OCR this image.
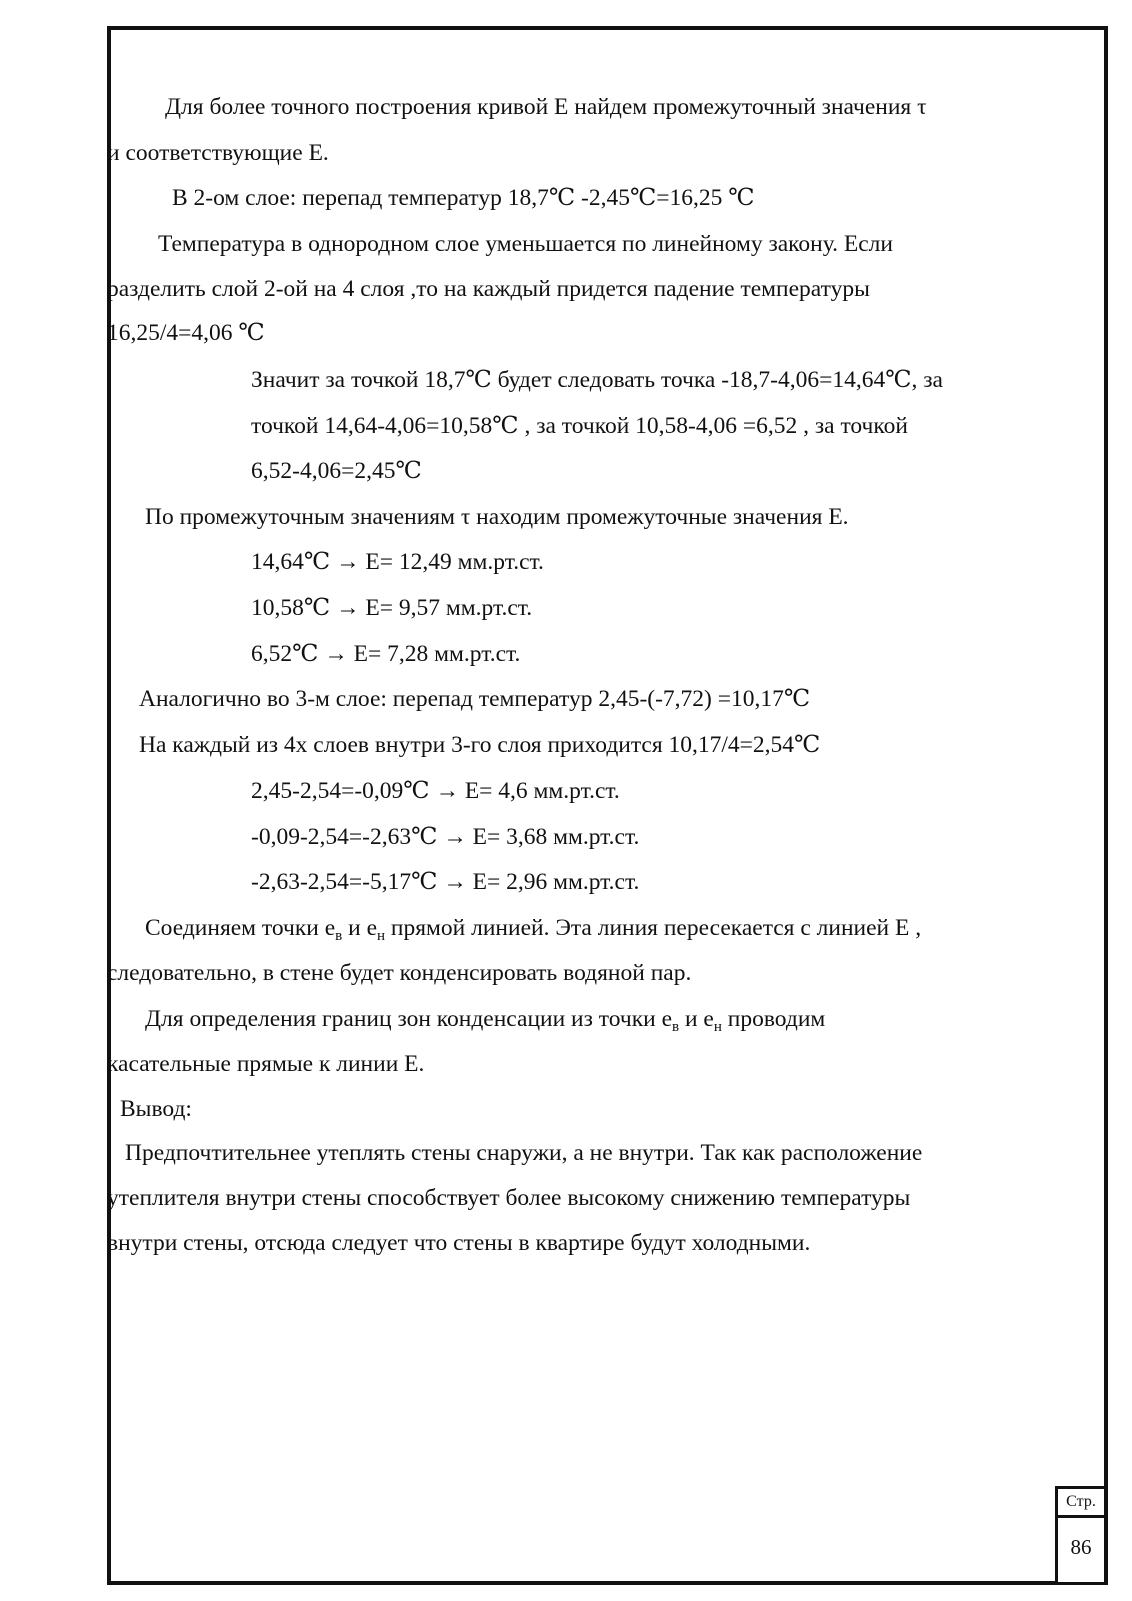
Для более точного построения кривой Е найдем промежуточный значения τ
и соответствующие Е.
В 2-ом слое: перепад температур 18,7℃ -2,45℃=16,25 ℃
Температура в однородном слое уменьшается по линейному закону. Если
разделить слой 2-ой на 4 слоя ,то на каждый придется падение температуры
16,25/4=4,06 ℃
Значит за точкой 18,7℃ будет следовать точка -18,7-4,06=14,64℃, за
точкой 14,64-4,06=10,58℃ , за точкой 10,58-4,06 =6,52 , за точкой
6,52-4,06=2,45℃
По промежуточным значениям τ находим промежуточные значения Е.
14,64℃ → Е= 12,49 мм.рт.ст.
10,58℃ → Е= 9,57 мм.рт.ст.
6,52℃ → Е= 7,28 мм.рт.ст.
Аналогично во 3-м слое: перепад температур 2,45-(-7,72) =10,17℃
На каждый из 4х слоев внутри 3-го слоя приходится 10,17/4=2,54℃
2,45-2,54=-0,09℃ → Е= 4,6 мм.рт.ст.
-0,09-2,54=-2,63℃ → Е= 3,68 мм.рт.ст.
-2,63-2,54=-5,17℃ → Е= 2,96 мм.рт.ст.
Соединяем точки $е_в$ и $е_н$ прямой линией. Эта линия пересекается с линией Е ,
следовательно, в стене будет конденсировать водяной пар.
Для определения границ зон конденсации из точки $е_в$ и $е_н$ проводим
касательные прямые к линии Е.
Вывод:
Предпочтительнее утеплять стены снаружи, а не внутри. Так как расположение
утеплителя внутри стены способствует более высокому снижению температуры
внутри стены, отсюда следует что стены в квартире будут холодными.
Стр.
86
